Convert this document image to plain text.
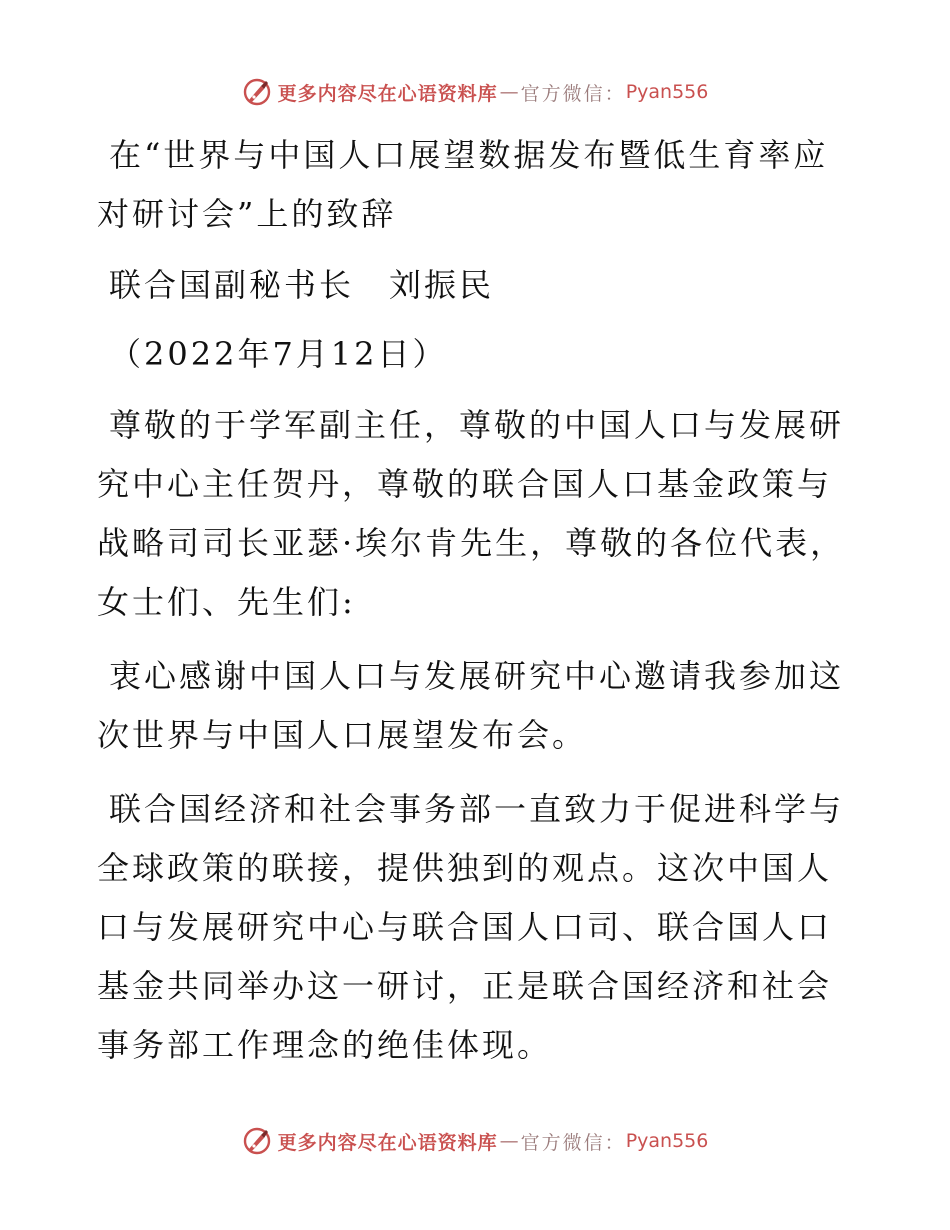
更多内容尽在心语资料库 — 官方微信： Pyan556

在“世界与中国人口展望数据发布暨低生育率应对研讨会”上的致辞

联合国副秘书长　刘振民

（2022年7月12日）

尊敬的于学军副主任，尊敬的中国人口与发展研究中心主任贺丹，尊敬的联合国人口基金政策与战略司司长亚瑟·埃尔肯先生，尊敬的各位代表，女士们、先生们:

衷心感谢中国人口与发展研究中心邀请我参加这次世界与中国人口展望发布会。

联合国经济和社会事务部一直致力于促进科学与全球政策的联接，提供独到的观点。这次中国人口与发展研究中心与联合国人口司、联合国人口基金共同举办这一研讨，正是联合国经济和社会事务部工作理念的绝佳体现。

更多内容尽在心语资料库 — 官方微信： Pyan556
